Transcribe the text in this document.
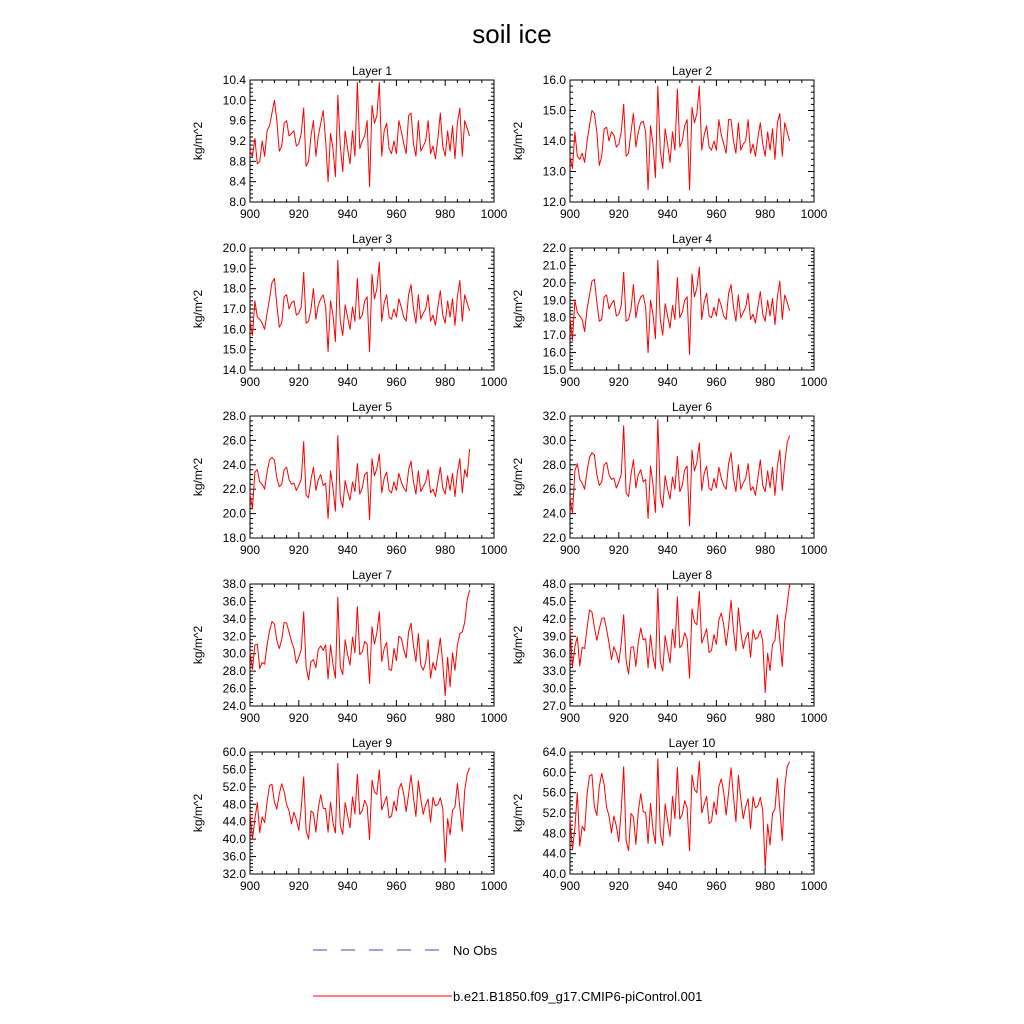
soil ice
Layer 1
900 920 940 960 980 1000
8.0
8.4
8.8
9.2
9.6
10.0
10.4
kg/m^2
Layer 2
900 920 940 960 980 1000
12.0
13.0
14.0
15.0
16.0
kg/m^2
Layer 3
900 920 940 960 980 1000
14.0
15.0
16.0
17.0
18.0
19.0
20.0
kg/m^2
Layer 4
900 920 940 960 980 1000
15.0
16.0
17.0
18.0
19.0
20.0
21.0
22.0
kg/m^2
Layer 5
900 920 940 960 980 1000
18.0
20.0
22.0
24.0
26.0
28.0
kg/m^2
Layer 6
900 920 940 960 980 1000
22.0
24.0
26.0
28.0
30.0
32.0
kg/m^2
Layer 7
900 920 940 960 980 1000
24.0
26.0
28.0
30.0
32.0
34.0
36.0
38.0
kg/m^2
Layer 8
900 920 940 960 980 1000
27.0
30.0
33.0
36.0
39.0
42.0
45.0
48.0
kg/m^2
Layer 9
900 920 940 960 980 1000
32.0
36.0
40.0
44.0
48.0
52.0
56.0
60.0
kg/m^2
Layer 10
900 920 940 960 980 1000
40.0
44.0
48.0
52.0
56.0
60.0
64.0
kg/m^2
No Obs
b.e21.B1850.f09_g17.CMIP6-piControl.001
